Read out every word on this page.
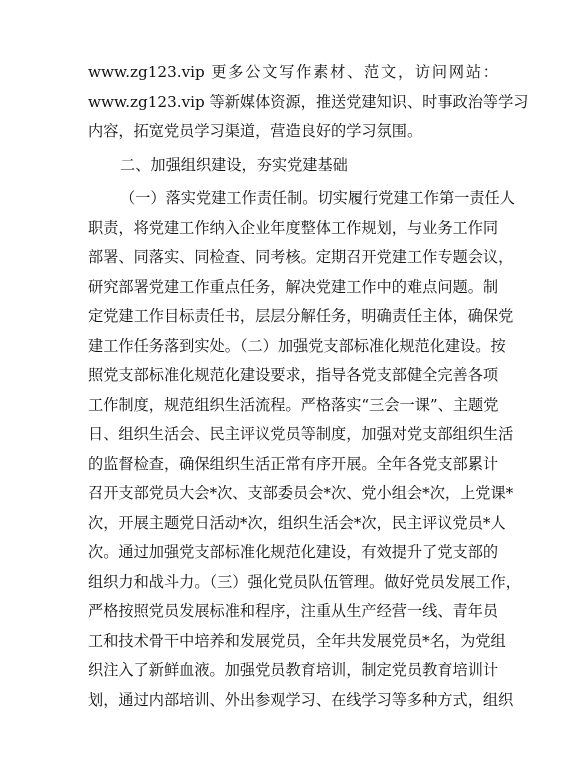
www.zg123.vip 更多公文写作素材、范文，访问网站：
www.zg123.vip 等新媒体资源，推送党建知识、时事政治等学习
内容，拓宽党员学习渠道，营造良好的学习氛围。
二、加强组织建设，夯实党建基础
（一）落实党建工作责任制。切实履行党建工作第一责任人
职责，将党建工作纳入企业年度整体工作规划，与业务工作同
部署、同落实、同检查、同考核。定期召开党建工作专题会议，
研究部署党建工作重点任务，解决党建工作中的难点问题。制
定党建工作目标责任书，层层分解任务，明确责任主体，确保党
建工作任务落到实处。（二）加强党支部标准化规范化建设。按
照党支部标准化规范化建设要求，指导各党支部健全完善各项
工作制度，规范组织生活流程。严格落实“三会一课”、主题党
日、组织生活会、民主评议党员等制度，加强对党支部组织生活
的监督检查，确保组织生活正常有序开展。全年各党支部累计
召开支部党员大会*次、支部委员会*次、党小组会*次，上党课*
次，开展主题党日活动*次，组织生活会*次，民主评议党员*人
次。通过加强党支部标准化规范化建设，有效提升了党支部的
组织力和战斗力。（三）强化党员队伍管理。做好党员发展工作，
严格按照党员发展标准和程序，注重从生产经营一线、青年员
工和技术骨干中培养和发展党员，全年共发展党员*名，为党组
织注入了新鲜血液。加强党员教育培训，制定党员教育培训计
划，通过内部培训、外出参观学习、在线学习等多种方式，组织
